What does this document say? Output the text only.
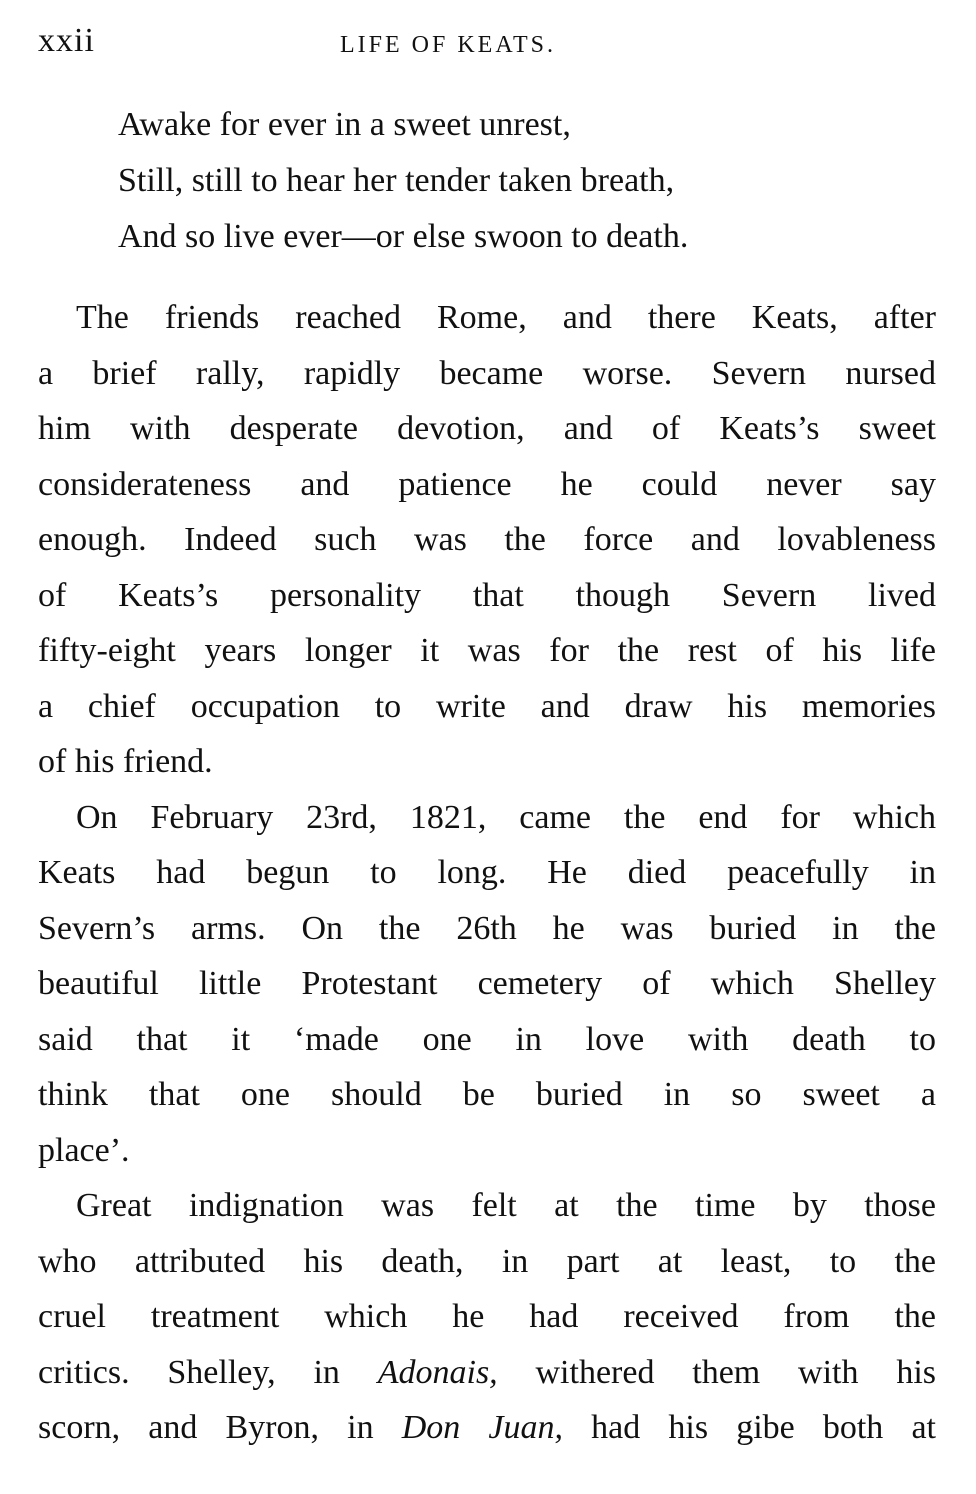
xxii	LIFE OF KEATS.
Awake for ever in a sweet unrest,
Still, still to hear her tender taken breath,
And so live ever—or else swoon to death.
The friends reached Rome, and there Keats, after
a brief rally, rapidly became worse. Severn nursed
him with desperate devotion, and of Keats’s sweet
considerateness and patience he could never say
enough. Indeed such was the force and lovableness
of Keats’s personality that though Severn lived
fifty-eight years longer it was for the rest of his life
a chief occupation to write and draw his memories
of his friend.
On February 23rd, 1821, came the end for which
Keats had begun to long. He died peacefully in
Severn’s arms. On the 26th he was buried in the
beautiful little Protestant cemetery of which Shelley
said that it ‘made one in love with death to
think that one should be buried in so sweet a
place’.
Great indignation was felt at the time by those
who attributed his death, in part at least, to the
cruel treatment which he had received from the
critics. Shelley, in Adonais, withered them with his
scorn, and Byron, in Don Juan, had his gibe both at
